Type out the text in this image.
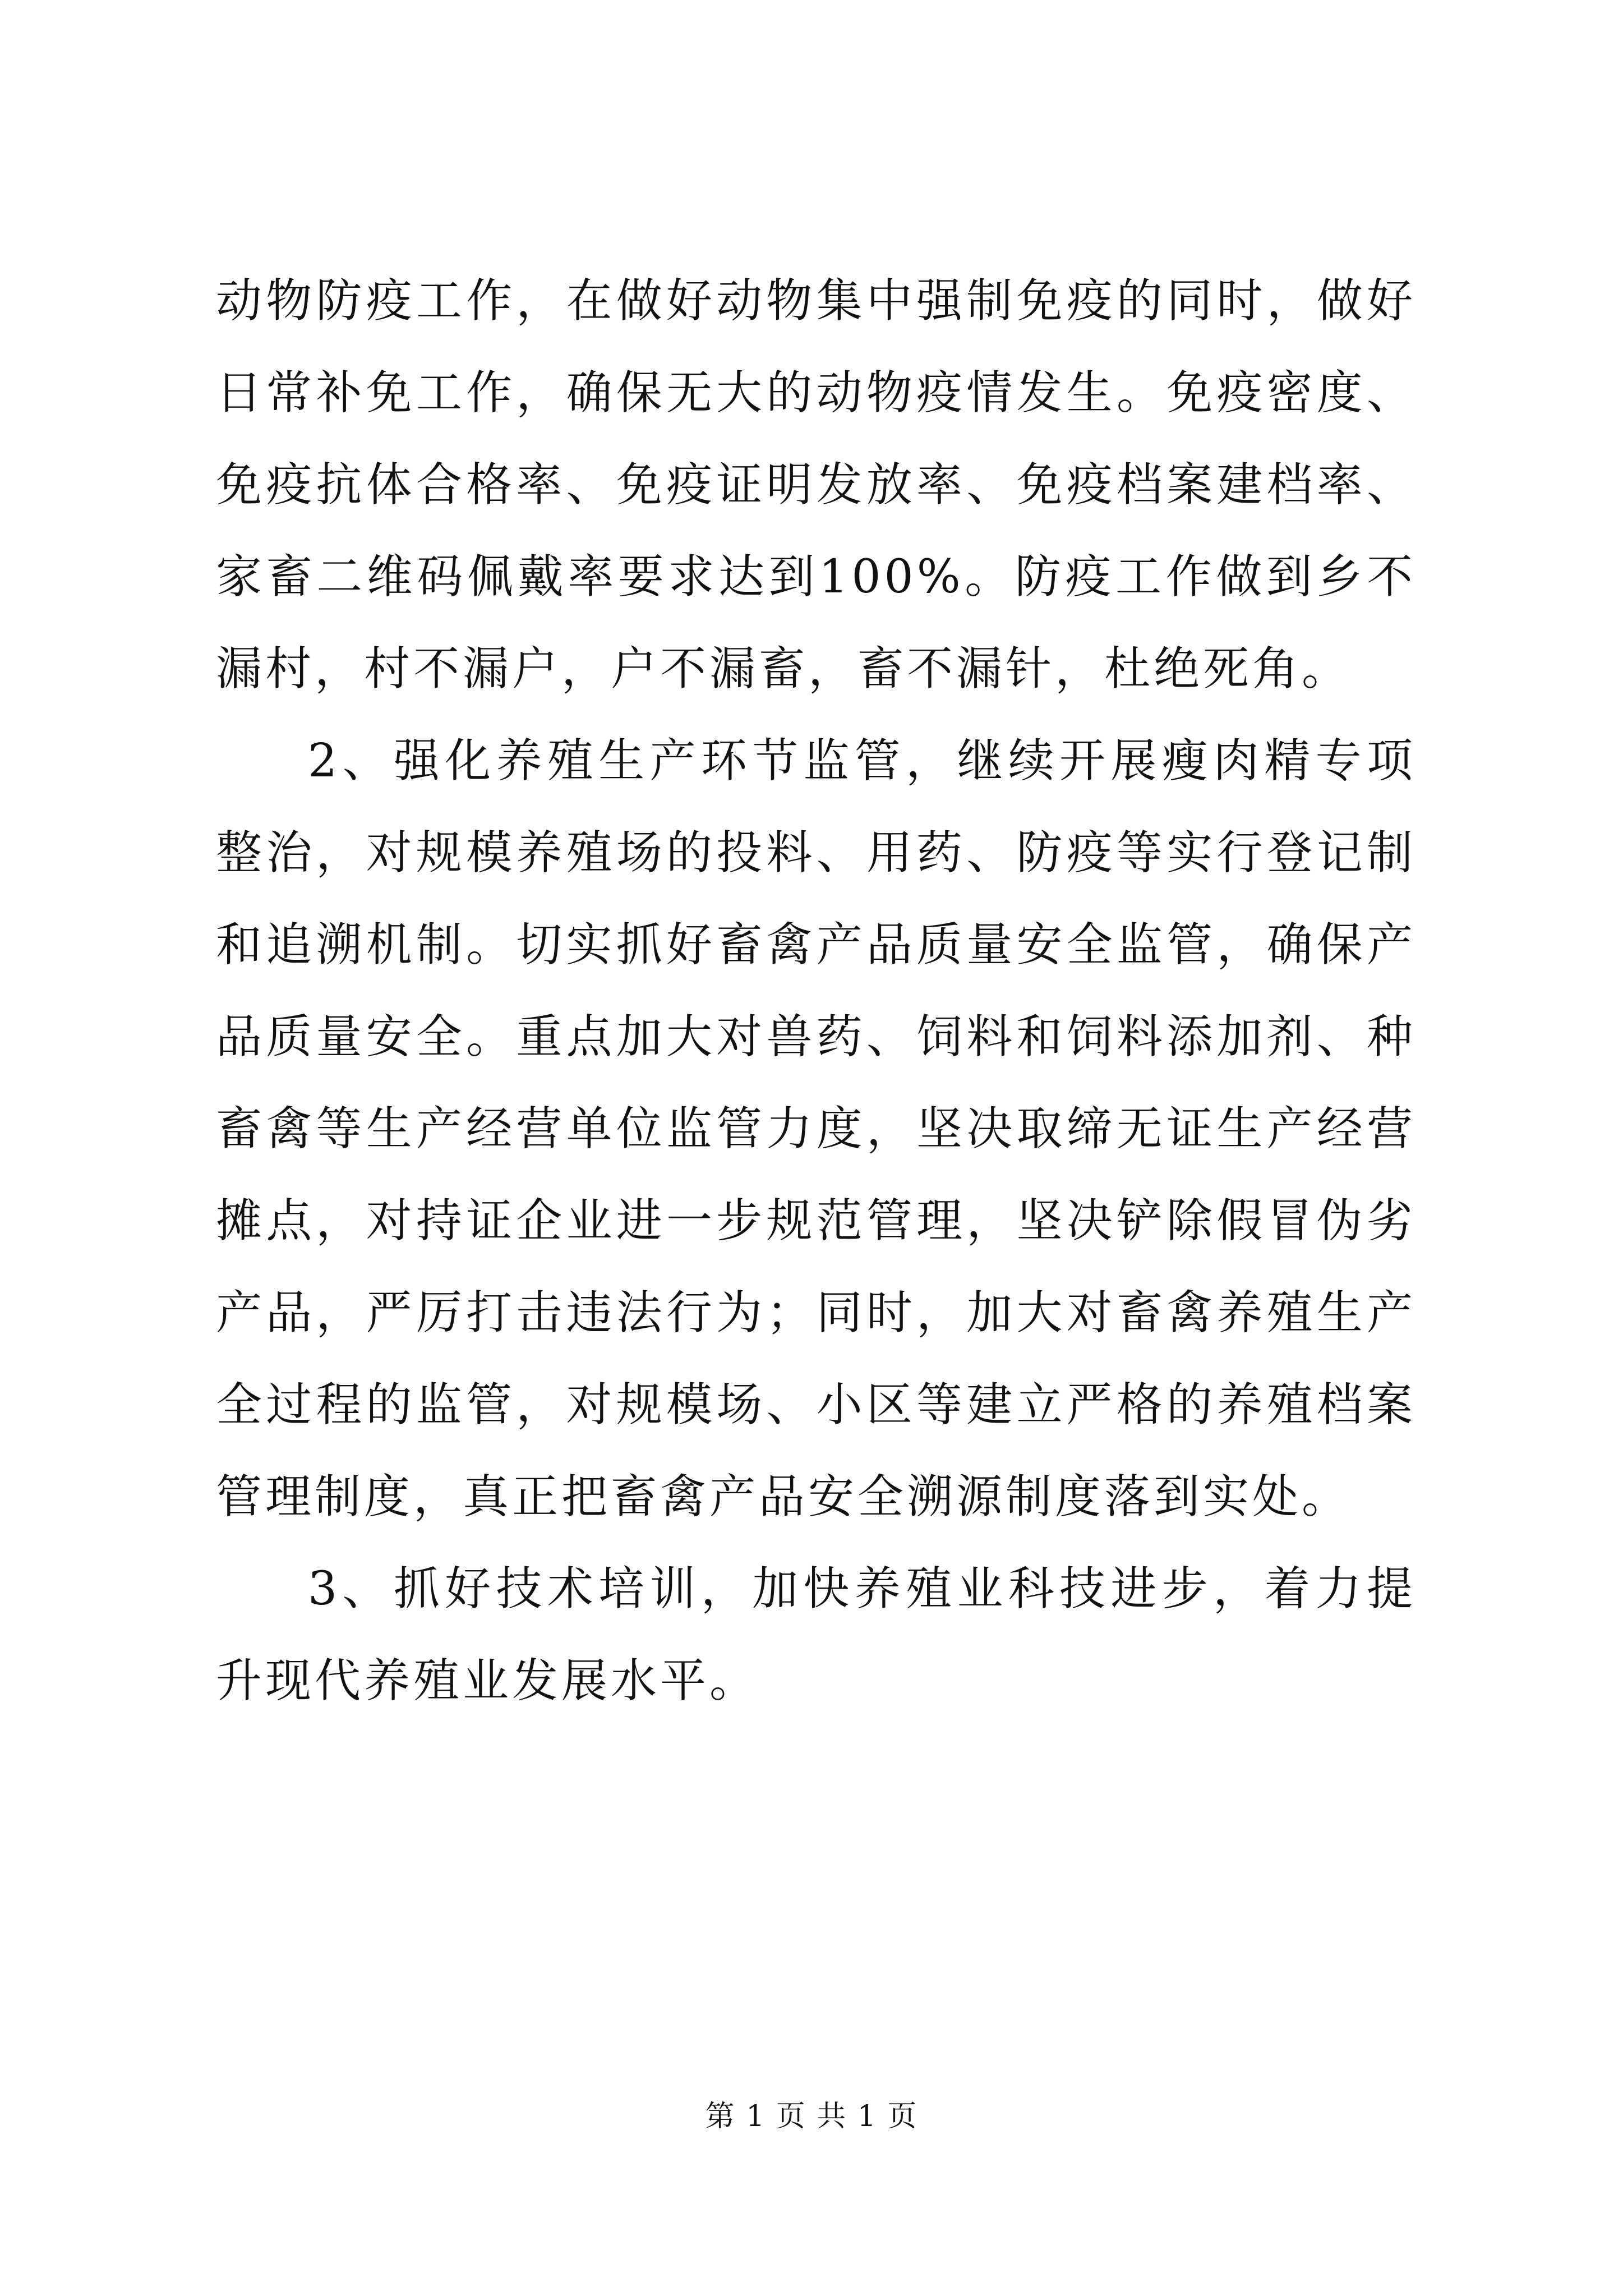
动物防疫工作，在做好动物集中强制免疫的同时，做好日常补免工作，确保无大的动物疫情发生。免疫密度、免疫抗体合格率、免疫证明发放率、免疫档案建档率、家畜二维码佩戴率要求达到100%。防疫工作做到乡不漏村，村不漏户，户不漏畜，畜不漏针，杜绝死角。

2、强化养殖生产环节监管，继续开展瘦肉精专项整治，对规模养殖场的投料、用药、防疫等实行登记制和追溯机制。切实抓好畜禽产品质量安全监管，确保产品质量安全。重点加大对兽药、饲料和饲料添加剂、种畜禽等生产经营单位监管力度，坚决取缔无证生产经营摊点，对持证企业进一步规范管理，坚决铲除假冒伪劣产品，严厉打击违法行为；同时，加大对畜禽养殖生产全过程的监管，对规模场、小区等建立严格的养殖档案管理制度，真正把畜禽产品安全溯源制度落到实处。

3、抓好技术培训，加快养殖业科技进步，着力提升现代养殖业发展水平。

第 1 页 共 1 页
